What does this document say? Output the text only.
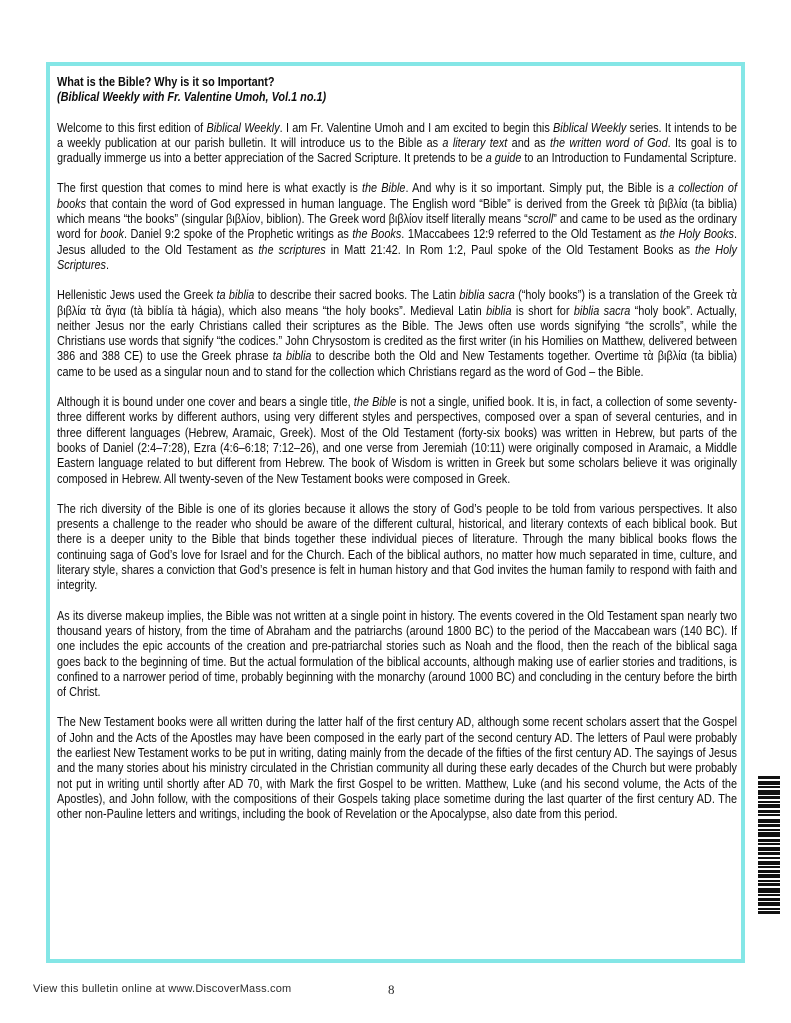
What is the Bible? Why is it so Important?

(Biblical Weekly with Fr. Valentine Umoh, Vol.1 no.1)

Welcome to this first edition of Biblical Weekly. I am Fr. Valentine Umoh and I am excited to begin this Biblical Weekly series. It intends to be a weekly publication at our parish bulletin. It will introduce us to the Bible as a literary text and as the written word of God. Its goal is to gradually immerge us into a better appreciation of the Sacred Scripture. It pretends to be a guide to an Introduction to Fundamental Scripture.

The first question that comes to mind here is what exactly is the Bible. And why is it so important. Simply put, the Bible is a collection of books that contain the word of God expressed in human language. The English word “Bible” is derived from the Greek τὰ βιβλία (ta biblia) which means “the books” (singular βιβλίον, biblion). The Greek word βιβλίον itself literally means “scroll” and came to be used as the ordinary word for book. Daniel 9:2 spoke of the Prophetic writings as the Books. 1Maccabees 12:9 referred to the Old Testament as the Holy Books. Jesus alluded to the Old Testament as the scriptures in Matt 21:42. In Rom 1:2, Paul spoke of the Old Testament Books as the Holy Scriptures.

Hellenistic Jews used the Greek ta biblia to describe their sacred books. The Latin biblia sacra (“holy books”) is a translation of the Greek τὰ βιβλία τὰ ἅγια (tà biblía tà hágia), which also means “the holy books”. Medieval Latin biblia is short for biblia sacra “holy book”. Actually, neither Jesus nor the early Christians called their scriptures as the Bible. The Jews often use words signifying “the scrolls”, while the Christians use words that signify “the codices.” John Chrysostom is credited as the first writer (in his Homilies on Matthew, delivered between 386 and 388 CE) to use the Greek phrase ta biblia to describe both the Old and New Testaments together. Overtime τὰ βιβλία (ta biblia) came to be used as a singular noun and to stand for the collection which Christians regard as the word of God – the Bible.

Although it is bound under one cover and bears a single title, the Bible is not a single, unified book. It is, in fact, a collection of some seventy-three different works by different authors, using very different styles and perspectives, composed over a span of several centuries, and in three different languages (Hebrew, Aramaic, Greek). Most of the Old Testament (forty-six books) was written in Hebrew, but parts of the books of Daniel (2:4–7:28), Ezra (4:6–6:18; 7:12–26), and one verse from Jeremiah (10:11) were originally composed in Aramaic, a Middle Eastern language related to but different from Hebrew. The book of Wisdom is written in Greek but some scholars believe it was originally composed in Hebrew. All twenty-seven of the New Testament books were composed in Greek.

The rich diversity of the Bible is one of its glories because it allows the story of God’s people to be told from various perspectives. It also presents a challenge to the reader who should be aware of the different cultural, historical, and literary contexts of each biblical book. But there is a deeper unity to the Bible that binds together these individual pieces of literature. Through the many biblical books flows the continuing saga of God’s love for Israel and for the Church. Each of the biblical authors, no matter how much separated in time, culture, and literary style, shares a conviction that God’s presence is felt in human history and that God invites the human family to respond with faith and integrity.

As its diverse makeup implies, the Bible was not written at a single point in history. The events covered in the Old Testament span nearly two thousand years of history, from the time of Abraham and the patriarchs (around 1800 BC) to the period of the Maccabean wars (140 BC). If one includes the epic accounts of the creation and pre-patriarchal stories such as Noah and the flood, then the reach of the biblical saga goes back to the beginning of time. But the actual formulation of the biblical accounts, although making use of earlier stories and traditions, is confined to a narrower period of time, probably beginning with the monarchy (around 1000 BC) and concluding in the century before the birth of Christ.

The New Testament books were all written during the latter half of the first century AD, although some recent scholars assert that the Gospel of John and the Acts of the Apostles may have been composed in the early part of the second century AD. The letters of Paul were probably the earliest New Testament works to be put in writing, dating mainly from the decade of the fifties of the first century AD. The sayings of Jesus and the many stories about his ministry circulated in the Christian community all during these early decades of the Church but were probably not put in writing until shortly after AD 70, with Mark the first Gospel to be written. Matthew, Luke (and his second volume, the Acts of the Apostles), and John follow, with the compositions of their Gospels taking place sometime during the last quarter of the first century AD. The other non-Pauline letters and writings, including the book of Revelation or the Apocalypse, also date from this period.

View this bulletin online at www.DiscoverMass.com	8
